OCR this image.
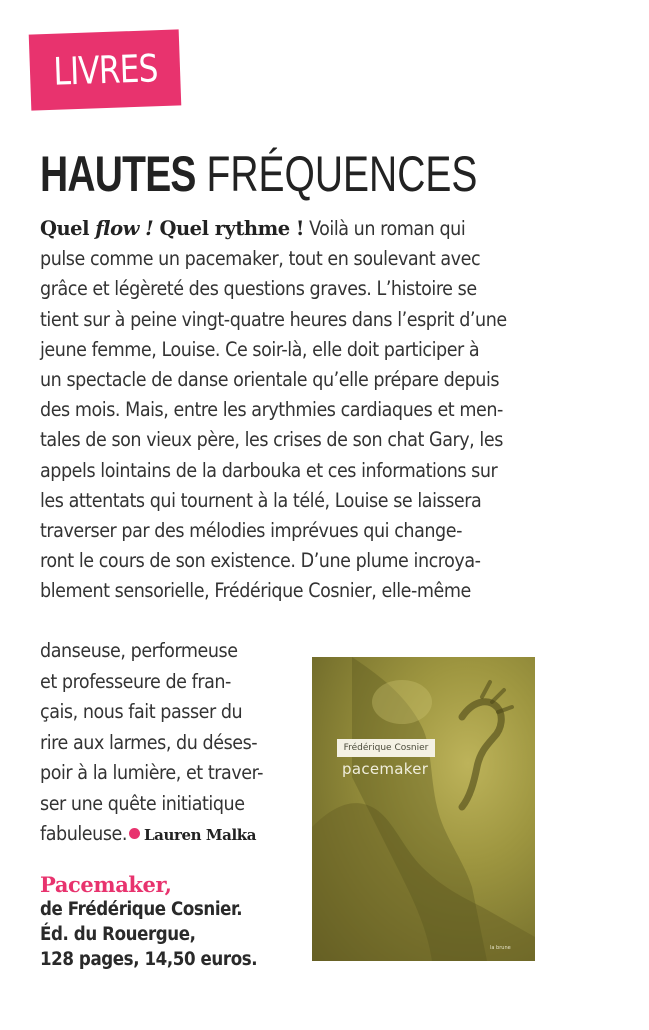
LIVRES
HAUTES FRÉQUENCES
Quel flow ! Quel rythme ! Voilà un roman qui
pulse comme un pacemaker, tout en soulevant avec
grâce et légèreté des questions graves. L’histoire se
tient sur à peine vingt-quatre heures dans l’esprit d’une
jeune femme, Louise. Ce soir-là, elle doit participer à
un spectacle de danse orientale qu’elle prépare depuis
des mois. Mais, entre les arythmies cardiaques et men-
tales de son vieux père, les crises de son chat Gary, les
appels lointains de la darbouka et ces informations sur
les attentats qui tournent à la télé, Louise se laissera
traverser par des mélodies imprévues qui change-
ront le cours de son existence. D’une plume incroya-
blement sensorielle, Frédérique Cosnier, elle-même
danseuse, performeuse
et professeure de fran-
çais, nous fait passer du
rire aux larmes, du déses-
poir à la lumière, et traver-
ser une quête initiatique
fabuleuse. Lauren Malka
Pacemaker,
de Frédérique Cosnier.
Éd. du Rouergue,
128 pages, 14,50 euros.
Frédérique Cosnier
pacemaker
la brune
